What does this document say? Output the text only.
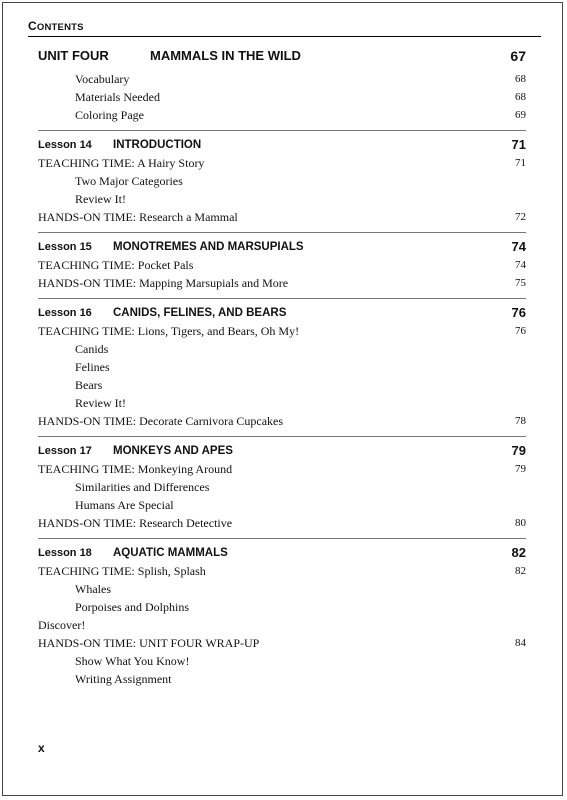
CONTENTS
UNIT FOUR	MAMMALS IN THE WILD	67
Vocabulary	68
Materials Needed	68
Coloring Page	69
Lesson 14 INTRODUCTION	71
TEACHING TIME: A Hairy Story	71
Two Major Categories
Review It!
HANDS-ON TIME: Research a Mammal	72
Lesson 15 MONOTREMES AND MARSUPIALS	74
TEACHING TIME: Pocket Pals	74
HANDS-ON TIME: Mapping Marsupials and More	75
Lesson 16 CANIDS, FELINES, AND BEARS	76
TEACHING TIME: Lions, Tigers, and Bears, Oh My!	76
Canids
Felines
Bears
Review It!
HANDS-ON TIME: Decorate Carnivora Cupcakes	78
Lesson 17 MONKEYS AND APES	79
TEACHING TIME: Monkeying Around	79
Similarities and Differences
Humans Are Special
HANDS-ON TIME: Research Detective	80
Lesson 18 AQUATIC MAMMALS	82
TEACHING TIME: Splish, Splash	82
Whales
Porpoises and Dolphins
Discover!
HANDS-ON TIME: UNIT FOUR WRAP-UP	84
Show What You Know!
Writing Assignment
x
